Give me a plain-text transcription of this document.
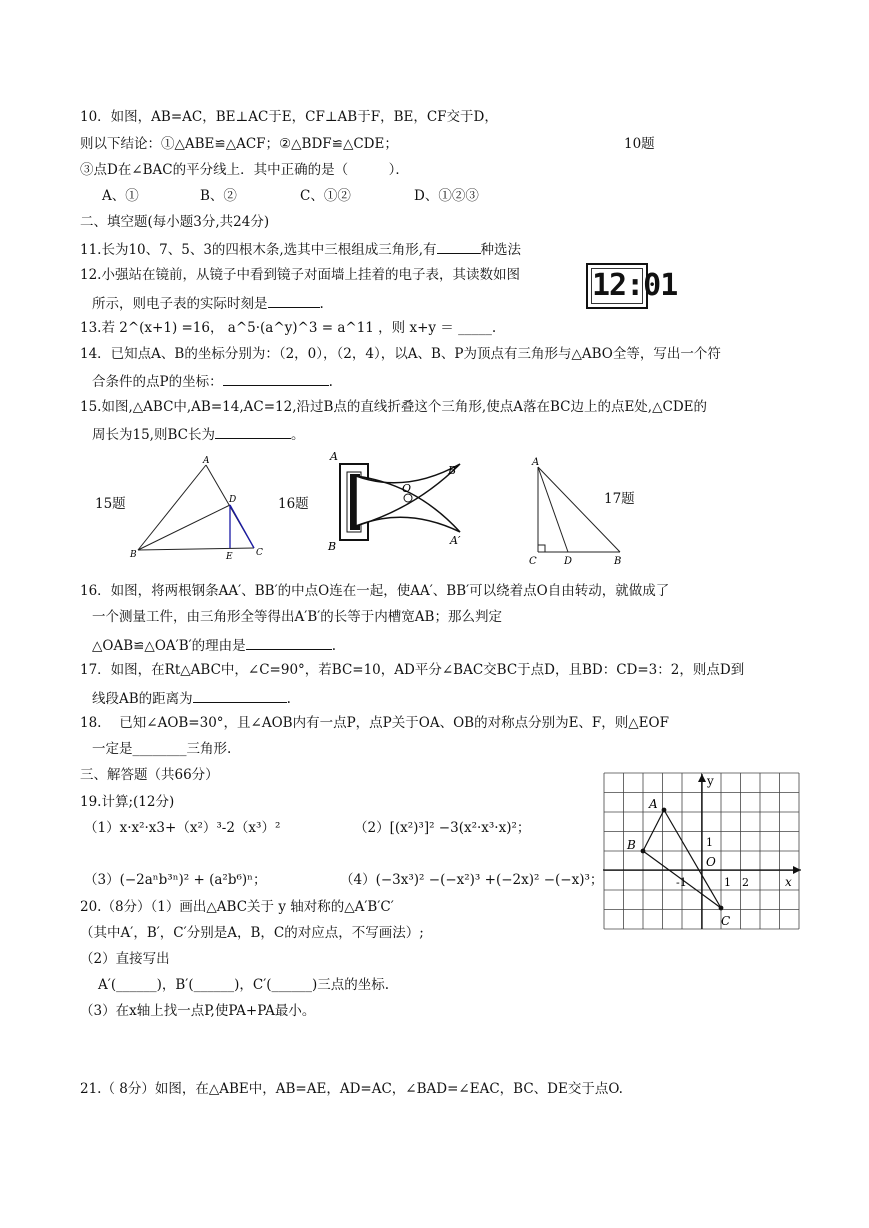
10．如图，AB=AC，BE⊥AC于E，CF⊥AB于F，BE，CF交于D，
则以下结论：①△ABE≌△ACF；②△BDF≌△CDE；	10题
③点D在∠BAC的平分线上．其中正确的是（　　　）．
A、①	B、②	C、①②	D、①②③
二、填空题(每小题3分,共24分)
11.长为10、7、5、3的四根木条,选其中三根组成三角形,有	种选法
12.小强站在镜前，从镜子中看到镜子对面墙上挂着的电子表，其读数如图
所示，则电子表的实际时刻是	.
12:01
13.若 2^(x+1) =16， a^5·(a^y)^3 = a^11 ，则 x+y ＝ _____.
14．已知点A、B的坐标分别为：（2，0），（2，4），以A、B、P为顶点有三角形与△ABO全等，写出一个符
合条件的点P的坐标：	.
15.如图,△ABC中,AB=14,AC=12,沿过B点的直线折叠这个三角形,使点A落在BC边上的点E处,△CDE的
周长为15,则BC长为	。
15题
A
D
B	E	C
16题
A
B′
O
B	A′
A
C	D	B
17题
16．如图，将两根钢条AA′、BB′的中点O连在一起，使AA′、BB′可以绕着点O自由转动，就做成了
一个测量工件，由三角形全等得出A′B′的长等于内槽宽AB；那么判定
△OAB≌△OA′B′的理由是	.
17．如图，在Rt△ABC中，∠C=90°，若BC=10，AD平分∠BAC交BC于点D，且BD：CD=3：2，则点D到
线段AB的距离为	.
18.　 已知∠AOB=30°，且∠AOB内有一点P，点P关于OA、OB的对称点分别为E、F，则△EOF
一定是________三角形.
三、解答题（共66分）
19.计算;(12分)
（1）x·x²·x3+（x²）³-2（x³）²	（2）[(x²)³]² −3(x²·x³·x)²；
（3）(−2aⁿb³ⁿ)² + (a²b⁶)ⁿ；	（4）(−3x³)² −(−x²)³ +(−2x)² −(−x)³；
20.（8分）（1）画出△ABC关于 y 轴对称的△A′B′C′
（其中A′，B′，C′分别是A，B，C的对应点，不写画法）;
（2）直接写出
A′(______)，B′(______)，C′(______)三点的坐标.
（3）在x轴上找一点P,使PA+PA最小。
A
B
C
O
y
x
1 2
-1
1
21.（ 8分）如图，在△ABE中，AB=AE，AD=AC，∠BAD=∠EAC，BC、DE交于点O.
